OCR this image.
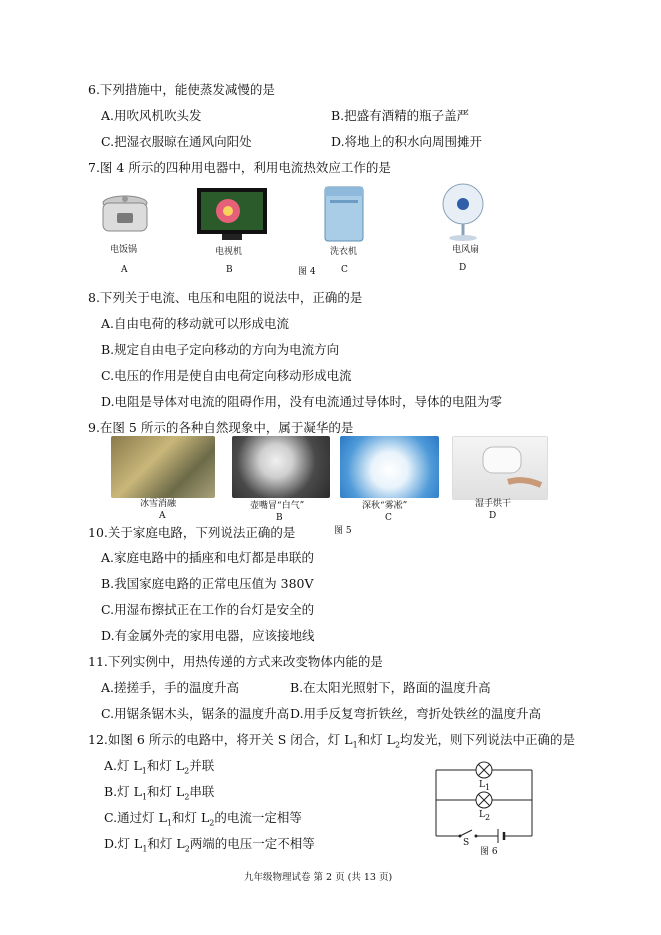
6.下列措施中，能使蒸发减慢的是
A.用吹风机吹头发	B.把盛有酒精的瓶子盖严
C.把湿衣服晾在通风向阳处	D.将地上的积水向周围摊开
7.图 4 所示的四种用电器中，利用电流热效应工作的是
电饭锅	电视机	洗衣机	电风扇
A	B	图 4	C	D
8.下列关于电流、电压和电阻的说法中，正确的是
A.自由电荷的移动就可以形成电流
B.规定自由电子定向移动的方向为电流方向
C.电压的作用是使自由电荷定向移动形成电流
D.电阻是导体对电流的阻碍作用，没有电流通过导体时，导体的电阻为零
9.在图 5 所示的各种自然现象中，属于凝华的是
冰雪消融	壶嘴冒“白气”	深秋“雾凇”	湿手烘干
A	B	C	D
10.关于家庭电路，下列说法正确的是	图 5
A.家庭电路中的插座和电灯都是串联的
B.我国家庭电路的正常电压值为 380V
C.用湿布擦拭正在工作的台灯是安全的
D.有金属外壳的家用电器，应该接地线
11.下列实例中，用热传递的方式来改变物体内能的是
A.搓搓手，手的温度升高	B.在太阳光照射下，路面的温度升高
C.用锯条锯木头，锯条的温度升高 D.用手反复弯折铁丝，弯折处铁丝的温度升高
12.如图 6 所示的电路中，将开关 S 闭合，灯 $L_1$和灯 $L_2$均发光，则下列说法中正确的是
A.灯 $L_1$和灯 $L_2$并联
B.灯 $L_1$和灯 $L_2$串联
C.通过灯 $L_1$和灯 $L_2$的电流一定相等
D.灯 $L_1$和灯 $L_2$两端的电压一定不相等
$L_1$
$L_2$
S
图 6
九年级物理试卷 第 2 页 (共 13 页)
